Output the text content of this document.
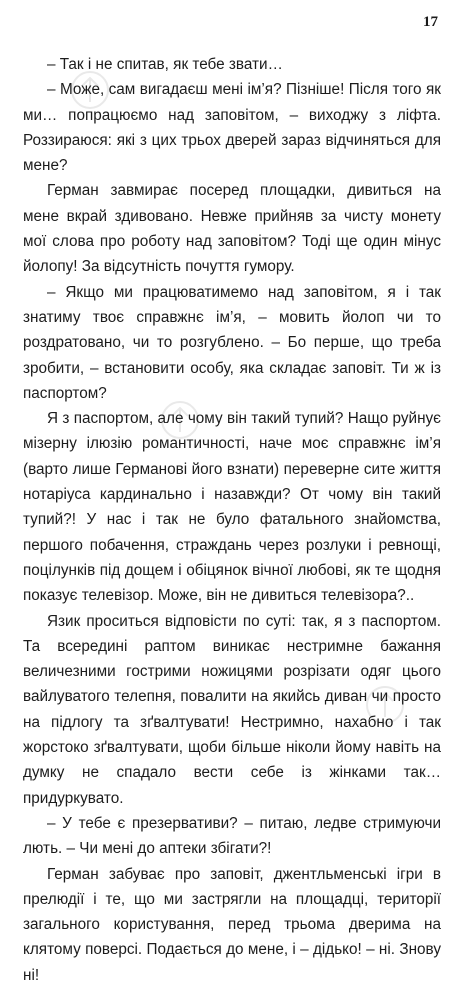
17

– Так і не спитав, як тебе звати…

– Може, сам вигадаєш мені ім’я? Пізніше! Після того як ми… попрацюємо над заповітом, – виходжу з ліфта. Роззираюся: які з цих трьох дверей зараз відчиняться для мене?

Герман завмирає посеред площадки, дивиться на мене вкрай здивовано. Невже прийняв за чисту монету мої слова про роботу над заповітом? Тоді ще один мінус йолопу! За відсутність почуття гумору.

– Якщо ми працюватимемо над заповітом, я і так знатиму твоє справжнє ім’я, – мовить йолоп чи то роздратовано, чи то розгублено. – Бо перше, що треба зробити, – встановити особу, яка складає заповіт. Ти ж із паспортом?

Я з паспортом, але чому він такий тупий? Нащо руйнує мізерну ілюзію романтичності, наче моє справжнє ім’я (варто лише Германові його взнати) переверне сите життя нотаріуса кардинально і назавжди? От чому він такий тупий?! У нас і так не було фатального знайомства, першого побачення, страждань через розлуки і ревнощі, поцілунків під дощем і обіцянок вічної любові, як те щодня показує телевізор. Може, він не дивиться телевізора?..

Язик проситься відповісти по суті: так, я з паспортом. Та всередині раптом виникає нестримне бажання величезними гострими ножицями розрізати одяг цього вайлуватого телепня, повалити на якийсь диван чи просто на підлогу та зґвалтувати! Нестримно, нахабно і так жорстоко зґвалтувати, щоби більше ніколи йому навіть на думку не спадало вести себе із жінками так… придуркувато.

– У тебе є презервативи? – питаю, ледве стримуючи лють. – Чи мені до аптеки збігати?!

Герман забуває про заповіт, джентльменські ігри в прелюдії і те, що ми застрягли на площадці, території загального користування, перед трьома дверима на клятому поверсі. Подається до мене, і – дідько! – ні. Знову ні!
